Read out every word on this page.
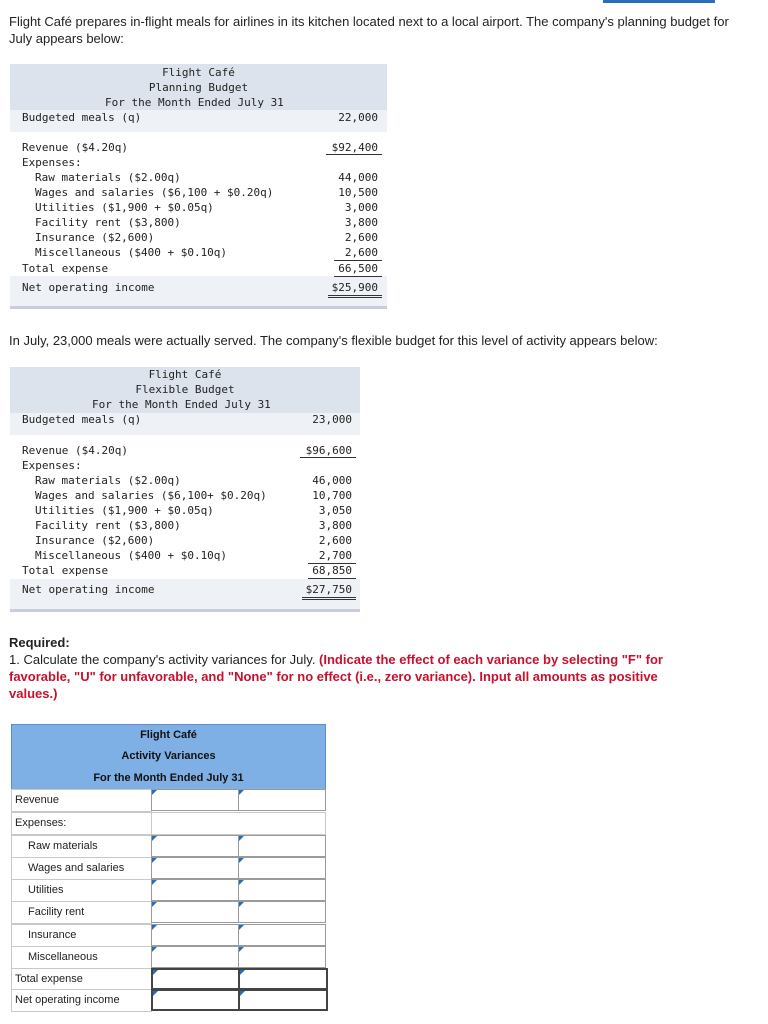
Flight Café prepares in-flight meals for airlines in its kitchen located next to a local airport. The company's planning budget for July appears below:

Flight Café
Planning Budget
For the Month Ended July 31
Budgeted meals (q)	22,000
Revenue ($4.20q)	$92,400
Expenses:
Raw materials ($2.00q)	44,000
Wages and salaries ($6,100 + $0.20q)	10,500
Utilities ($1,900 + $0.05q)	3,000
Facility rent ($3,800)	3,800
Insurance ($2,600)	2,600
Miscellaneous ($400 + $0.10q)	2,600
Total expense	66,500
Net operating income	$25,900

In July, 23,000 meals were actually served. The company's flexible budget for this level of activity appears below:

Flight Café
Flexible Budget
For the Month Ended July 31
Budgeted meals (q)	23,000
Revenue ($4.20q)	$96,600
Expenses:
Raw materials ($2.00q)	46,000
Wages and salaries ($6,100+ $0.20q)	10,700
Utilities ($1,900 + $0.05q)	3,050
Facility rent ($3,800)	3,800
Insurance ($2,600)	2,600
Miscellaneous ($400 + $0.10q)	2,700
Total expense	68,850
Net operating income	$27,750

Required:

1. Calculate the company's activity variances for July. (Indicate the effect of each variance by selecting "F" for favorable, "U" for unfavorable, and "None" for no effect (i.e., zero variance). Input all amounts as positive values.)

Flight Café
Activity Variances
For the Month Ended July 31
Revenue
Expenses:
Raw materials
Wages and salaries
Utilities
Facility rent
Insurance
Miscellaneous
Total expense
Net operating income
